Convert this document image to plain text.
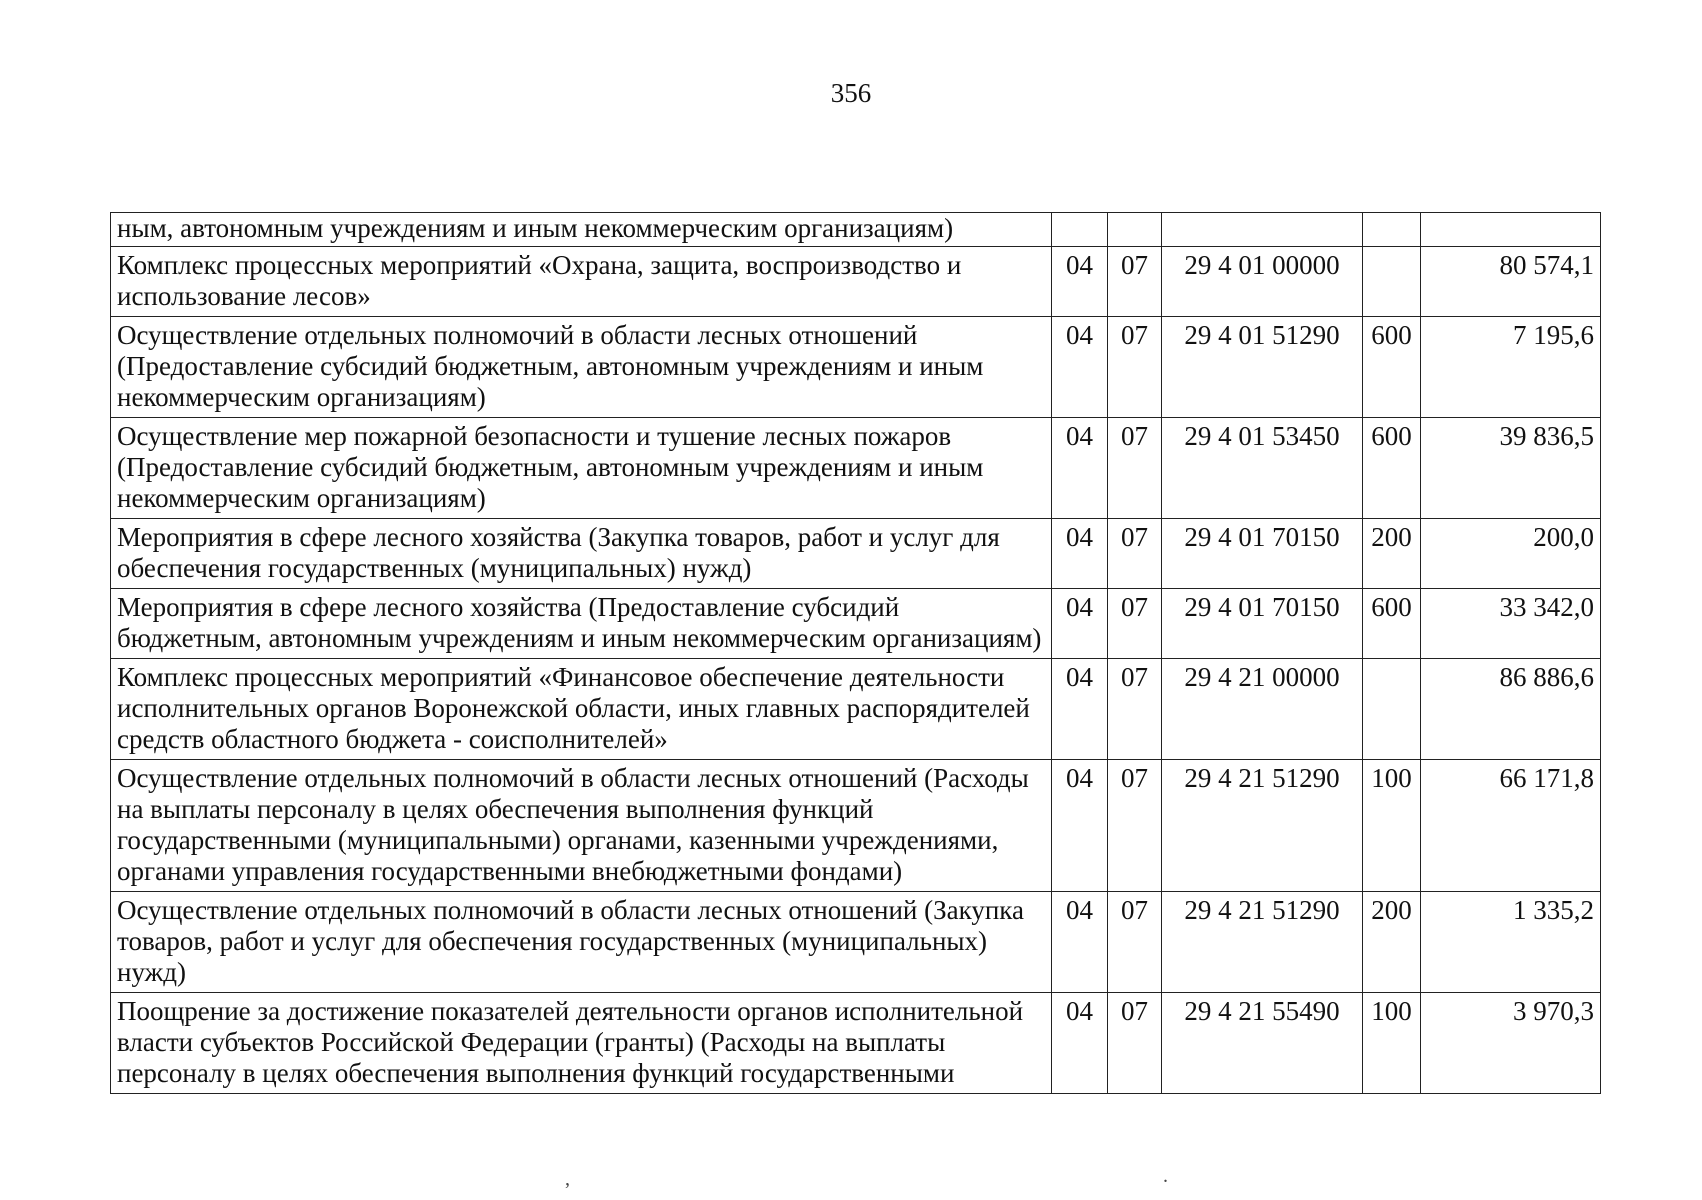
356
ным, автономным учреждениям и иным некоммерческим организациям)					
Комплекс процессных мероприятий «Охрана, защита, воспроизводство и использование лесов»	04	07	29 4 01 00000		80 574,1
Осуществление отдельных полномочий в области лесных отношений (Предоставление субсидий бюджетным, автономным учреждениям и иным некоммерческим организациям)	04	07	29 4 01 51290	600	7 195,6
Осуществление мер пожарной безопасности и тушение лесных пожаров (Предоставление субсидий бюджетным, автономным учреждениям и иным некоммерческим организациям)	04	07	29 4 01 53450	600	39 836,5
Мероприятия в сфере лесного хозяйства (Закупка товаров, работ и услуг для обеспечения государственных (муниципальных) нужд)	04	07	29 4 01 70150	200	200,0
Мероприятия в сфере лесного хозяйства (Предоставление субсидий бюджетным, автономным учреждениям и иным некоммерческим организациям)	04	07	29 4 01 70150	600	33 342,0
Комплекс процессных мероприятий «Финансовое обеспечение деятельности исполнительных органов Воронежской области, иных главных распорядителей средств областного бюджета - соисполнителей»	04	07	29 4 21 00000		86 886,6
Осуществление отдельных полномочий в области лесных отношений (Расходы на выплаты персоналу в целях обеспечения выполнения функций государственными (муниципальными) органами, казенными учреждениями, органами управления государственными внебюджетными фондами)	04	07	29 4 21 51290	100	66 171,8
Осуществление отдельных полномочий в области лесных отношений (Закупка товаров, работ и услуг для обеспечения государственных (муниципальных) нужд)	04	07	29 4 21 51290	200	1 335,2
Поощрение за достижение показателей деятельности органов исполнительной власти субъектов Российской Федерации (гранты) (Расходы на выплаты персоналу в целях обеспечения выполнения функций государственными	04	07	29 4 21 55490	100	3 970,3
,	.
